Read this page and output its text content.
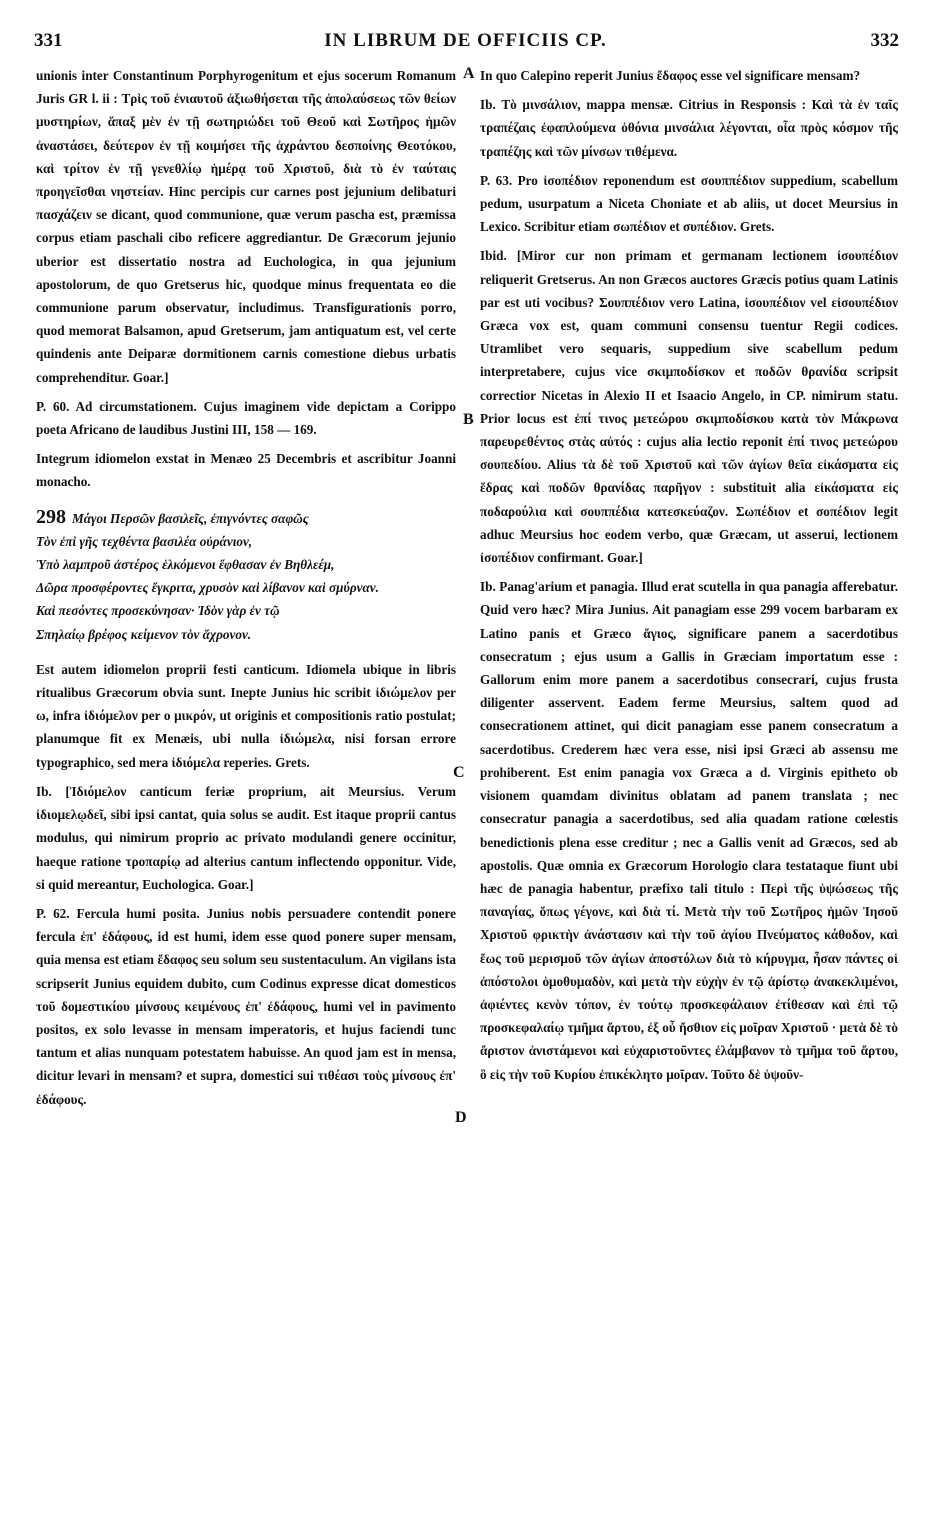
331	IN LIBRUM DE OFFICIIS CP.	332
A
B
C
D

unionis inter Constantinum Porphyrogenitum et ejus socerum Romanum Juris GR l. ii : Τρὶς τοῦ ἐνιαυτοῦ ἀξιωθήσεται τῆς ἀπολαύσεως τῶν θείων μυστηρίων, ἅπαξ μὲν ἐν τῇ σωτηριώδει τοῦ Θεοῦ καὶ Σωτῆρος ἡμῶν ἀναστάσει, δεύτερον ἐν τῇ κοιμήσει τῆς ἀχράντου δεσποίνης Θεοτόκου, καὶ τρίτον ἐν τῇ γενεθλίῳ ἡμέρᾳ τοῦ Χριστοῦ, διὰ τὸ ἐν ταύταις προηγεῖσθαι νηστείαν. Hinc percipis cur carnes post jejunium delibaturi πασχάζειν se dicant, quod communione, quæ verum pascha est, præmissa corpus etiam paschali cibo reficere aggrediantur. De Græcorum jejunio uberior est dissertatio nostra ad Euchologica, in qua jejunium apostolorum, de quo Gretserus hic, quodque minus frequentata eo die communione parum observatur, includimus. Transfigurationis porro, quod memorat Balsamon, apud Gretserum, jam antiquatum est, vel certe quindenis ante Deiparæ dormitionem carnis comestione diebus urbatis comprehenditur. Goar.]

P. 60. Ad circumstationem. Cujus imaginem vide depictam a Corippo poeta Africano de laudibus Justini III, 158 — 169.

Integrum idiomelon exstat in Menæo 25 Decembris et ascribitur Joanni monacho.

298 Μάγοι Περσῶν βασιλεῖς, ἐπιγνόντες σαφῶς
Τὸν ἐπὶ γῆς τεχθέντα βασιλέα οὐράνιον,
Ὑπὸ λαμπροῦ ἀστέρος ἑλκόμενοι ἔφθασαν ἐν Βηθλεέμ,
Δῶρα προσφέροντες ἔγκριτα, χρυσὸν καὶ λίβανον καὶ σμύρναν.
Καὶ πεσόντες προσεκύνησαν· Ἰδὸν γὰρ ἐν τῷ
Σπηλαίῳ βρέφος κείμενον τὸν ἄχρονον.

Est autem idiomelon proprii festi canticum. Idiomela ubique in libris ritualibus Græcorum obvia sunt. Inepte Junius hic scribit ἰδιώμελον per ω, infra ἰδιόμελον per ο μικρόν, ut originis et compositionis ratio postulat; planumque fit ex Menæis, ubi nulla ἰδιώμελα, nisi forsan errore typographico, sed mera ἰδιόμελα reperies. Grets.

Ib. [Ἰδιόμελον canticum feriæ proprium, ait Meursius. Verum ἰδιομελῳδεῖ, sibi ipsi cantat, quia solus se audit. Est itaque proprii cantus modulus, qui nimirum proprio ac privato modulandi genere occinitur, haeque ratione τροπαρίῳ ad alterius cantum inflectendo opponitur. Vide, si quid mereantur, Euchologica. Goar.]

P. 62. Fercula humi posita. Junius nobis persuadere contendit ponere fercula ἐπ' ἐδάφους, id est humi, idem esse quod ponere super mensam, quia mensa est etiam ἔδαφος seu solum seu sustentaculum. An vigilans ista scripserit Junius equidem dubito, cum Codinus expresse dicat domesticos τοῦ δομεστικίου μίνσους κειμένους ἐπ' ἐδάφους, humi vel in pavimento positos, ex solo levasse in mensam imperatoris, et hujus faciendi tunc tantum et alias nunquam potestatem habuisse. An quod jam est in mensa, dicitur levari in mensam? et supra, domestici sui τιθέασι τοὺς μίνσους ἐπ' ἐδάφους.

In quo Calepino reperit Junius ἔδαφος esse vel significare mensam?

Ib. Τὸ μινσάλιον, mappa mensæ. Citrius in Responsis : Καὶ τὰ ἐν ταῖς τραπέζαις ἐφαπλούμενα ὀθόνια μινσάλια λέγονται, οἷα πρὸς κόσμον τῆς τραπέζης καὶ τῶν μίνσων τιθέμενα.

P. 63. Pro ἰσοπέδιον reponendum est σουππέδιον suppedium, scabellum pedum, usurpatum a Niceta Choniate et ab aliis, ut docet Meursius in Lexico. Scribitur etiam σωπέδιον et συπέδιον. Grets.

Ibid. [Miror cur non primam et germanam lectionem ἰσουπέδιον reliquerit Gretserus. An non Græcos auctores Græcis potius quam Latinis par est uti vocibus? Σουππέδιον vero Latina, ἰσουπέδιον vel εἰσουπέδιον Græca vox est, quam communi consensu tuentur Regii codices. Utramlibet vero sequaris, suppedium sive scabellum pedum interpretabere, cujus vice σκιμποδίσκον et ποδῶν θρανίδα scripsit correctior Nicetas in Alexio II et Isaacio Angelo, in CP. nimirum statu. Prior locus est ἐπί τινος μετεώρου σκιμποδίσκου κατὰ τὸν Μάκρωνα παρευρεθέντος στὰς αὐτός : cujus alia lectio reponit ἐπί τινος μετεώρου σουπεδίου. Alius τὰ δὲ τοῦ Χριστοῦ καὶ τῶν ἁγίων θεῖα εἰκάσματα εἰς ἕδρας καὶ ποδῶν θρανίδας παρῆγον : substituit alia εἰκάσματα εἰς ποδαρούλια καὶ σουππέδια κατεσκεύαζον. Σωπέδιον et σοπέδιον legit adhuc Meursius hoc eodem verbo, quæ Græcam, ut asserui, lectionem ἰσοπέδιον confirmant. Goar.]

Ib. Panag'arium et panagia. Illud erat scutella in qua panagia afferebatur. Quid vero hæc? Mira Junius. Ait panagiam esse 299 vocem barbaram ex Latino panis et Græco ἅγιος, significare panem a sacerdotibus consecratum ; ejus usum a Gallis in Græciam importatum esse : Gallorum enim more panem a sacerdotibus consecrari, cujus frusta diligenter asservent. Eadem ferme Meursius, saltem quod ad consecrationem attinet, qui dicit panagiam esse panem consecratum a sacerdotibus. Crederem hæc vera esse, nisi ipsi Græci ab assensu me prohiberent. Est enim panagia vox Græca a d. Virginis epitheto ob visionem quamdam divinitus oblatam ad panem translata ; nec consecratur panagia a sacerdotibus, sed alia quadam ratione cœlestis benedictionis plena esse creditur ; nec a Gallis venit ad Græcos, sed ab apostolis. Quæ omnia ex Græcorum Horologio clara testataque fiunt ubi hæc de panagia habentur, præfixo tali titulo : Περὶ τῆς ὑψώσεως τῆς παναγίας, ὅπως γέγονε, καὶ διὰ τί. Μετὰ τὴν τοῦ Σωτῆρος ἡμῶν Ἰησοῦ Χριστοῦ φρικτὴν ἀνάστασιν καὶ τὴν τοῦ ἁγίου Πνεύματος κάθοδον, καὶ ἕως τοῦ μερισμοῦ τῶν ἁγίων ἀποστόλων διὰ τὸ κήρυγμα, ἦσαν πάντες οἱ ἀπόστολοι ὁμοθυμαδὸν, καὶ μετὰ τὴν εὐχὴν ἐν τῷ ἀρίστῳ ἀνακεκλιμένοι, ἀφιέντες κενὸν τόπον, ἐν τούτῳ προσκεφάλαιον ἐτίθεσαν καὶ ἐπὶ τῷ προσκεφαλαίῳ τμῆμα ἄρτου, ἐξ οὗ ἤσθιον εἰς μοῖραν Χριστοῦ · μετὰ δὲ τὸ ἄριστον ἀνιστάμενοι καὶ εὐχαριστοῦντες ἐλάμβανον τὸ τμῆμα τοῦ ἄρτου, ὃ εἰς τὴν τοῦ Κυρίου ἐπικέκλητο μοῖραν. Τοῦτο δὲ ὑψοῦν-
